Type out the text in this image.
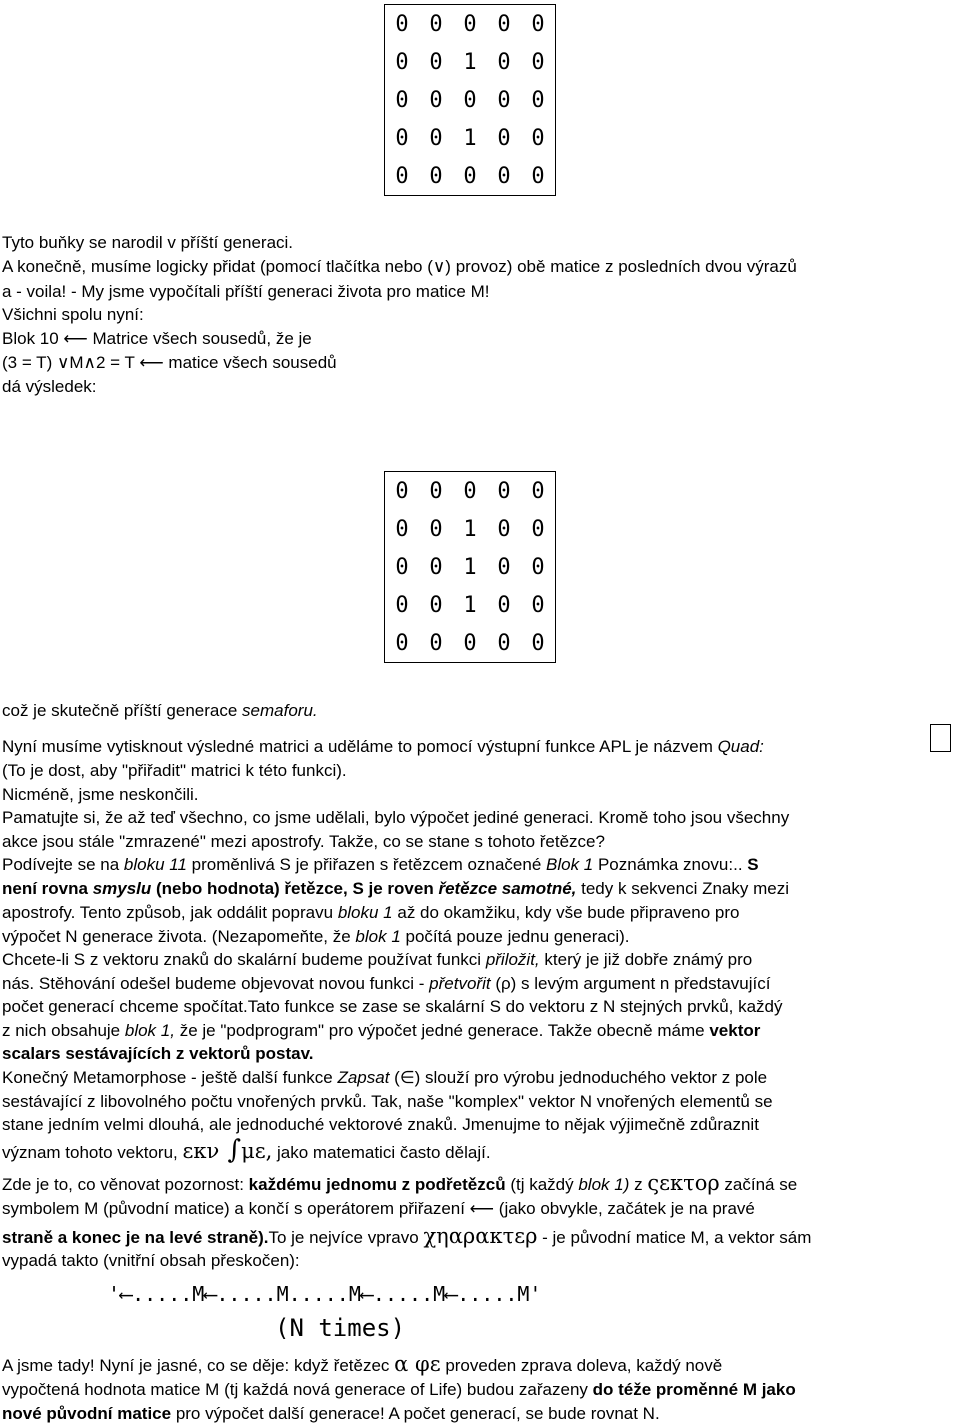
0	0	0	0	0
0	0	1	0	0
0	0	0	0	0
0	0	1	0	0
0	0	0	0	0
Tyto buňky se narodil v příští generaci.
A konečně, musíme logicky přidat (pomocí tlačítka nebo (∨) provoz) obě matice z posledních dvou výrazů
a - voila! - My jsme vypočítali příští generaci života pro matice M!
Všichni spolu nyní:
Blok 10 ⟵ Matrice všech sousedů, že je
(3 = T) ∨M∧2 = T ⟵ matice všech sousedů
dá výsledek:
0	0	0	0	0
0	0	1	0	0
0	0	1	0	0
0	0	1	0	0
0	0	0	0	0
což je skutečně příští generace semaforu.
Nyní musíme vytisknout výsledné matrici a uděláme to pomocí výstupní funkce APL je názvem Quad:
(To je dost, aby "přiřadit" matrici k této funkci).
Nicméně, jsme neskončili.
Pamatujte si, že až teď všechno, co jsme udělali, bylo výpočet jediné generaci. Kromě toho jsou všechny
akce jsou stále "zmrazené" mezi apostrofy. Takže, co se stane s tohoto řetězce?
Podívejte se na bloku 11 proměnlivá S je přiřazen s řetězcem označené Blok 1 Poznámka znovu:.. S
není rovna smyslu (nebo hodnota) řetězce, S je roven řetězce samotné, tedy k sekvenci Znaky mezi
apostrofy. Tento způsob, jak oddálit popravu bloku 1 až do okamžiku, kdy vše bude připraveno pro
výpočet N generace života. (Nezapomeňte, že blok 1 počítá pouze jednu generaci).
Chcete-li S z vektoru znaků do skalární budeme používat funkci přiložit, který je již dobře známý pro
nás. Stěhování odešel budeme objevovat novou funkci - přetvořit (ρ) s levým argument n představující
počet generací chceme spočítat.Tato funkce se zase se skalární S do vektoru z N stejných prvků, každý
z nich obsahuje blok 1, že je "podprogram" pro výpočet jedné generace. Takže obecně máme vektor
scalars sestávajících z vektorů postav.
Konečný Metamorphose - ještě další funkce Zapsat (∈) slouží pro výrobu jednoduchého vektor z pole
sestávající z libovolného počtu vnořených prvků. Tak, naše "komplex" vektor N vnořených elementů se
stane jedním velmi dlouhá, ale jednoduché vektorové znaků. Jmenujme to nějak výjimečně zdůraznit
význam tohoto vektoru, εκν ∫με, jako matematici často dělají.
Zde je to, co věnovat pozornost: každému jednomu z podřetězců (tj každý blok 1) z ςεκτορ začíná se
symbolem M (původní matice) a končí s operátorem přiřazení ⟵ (jako obvykle, začátek je na pravé
straně a konec je na levé straně).To je nejvíce vpravo χηαρακτερ - je původní matice M, a vektor sám
vypadá takto (vnitřní obsah přeskočen):
'⟵.....M⟵.....M.....M⟵.....M⟵.....M'
(N times)
A jsme tady! Nyní je jasné, co se děje: když řetězec α φε proveden zprava doleva, každý nově
vypočtená hodnota matice M (tj každá nová generace of Life) budou zařazeny do téže proměnné M jako
nové původní matice pro výpočet další generace! A počet generací, se bude rovnat N.
